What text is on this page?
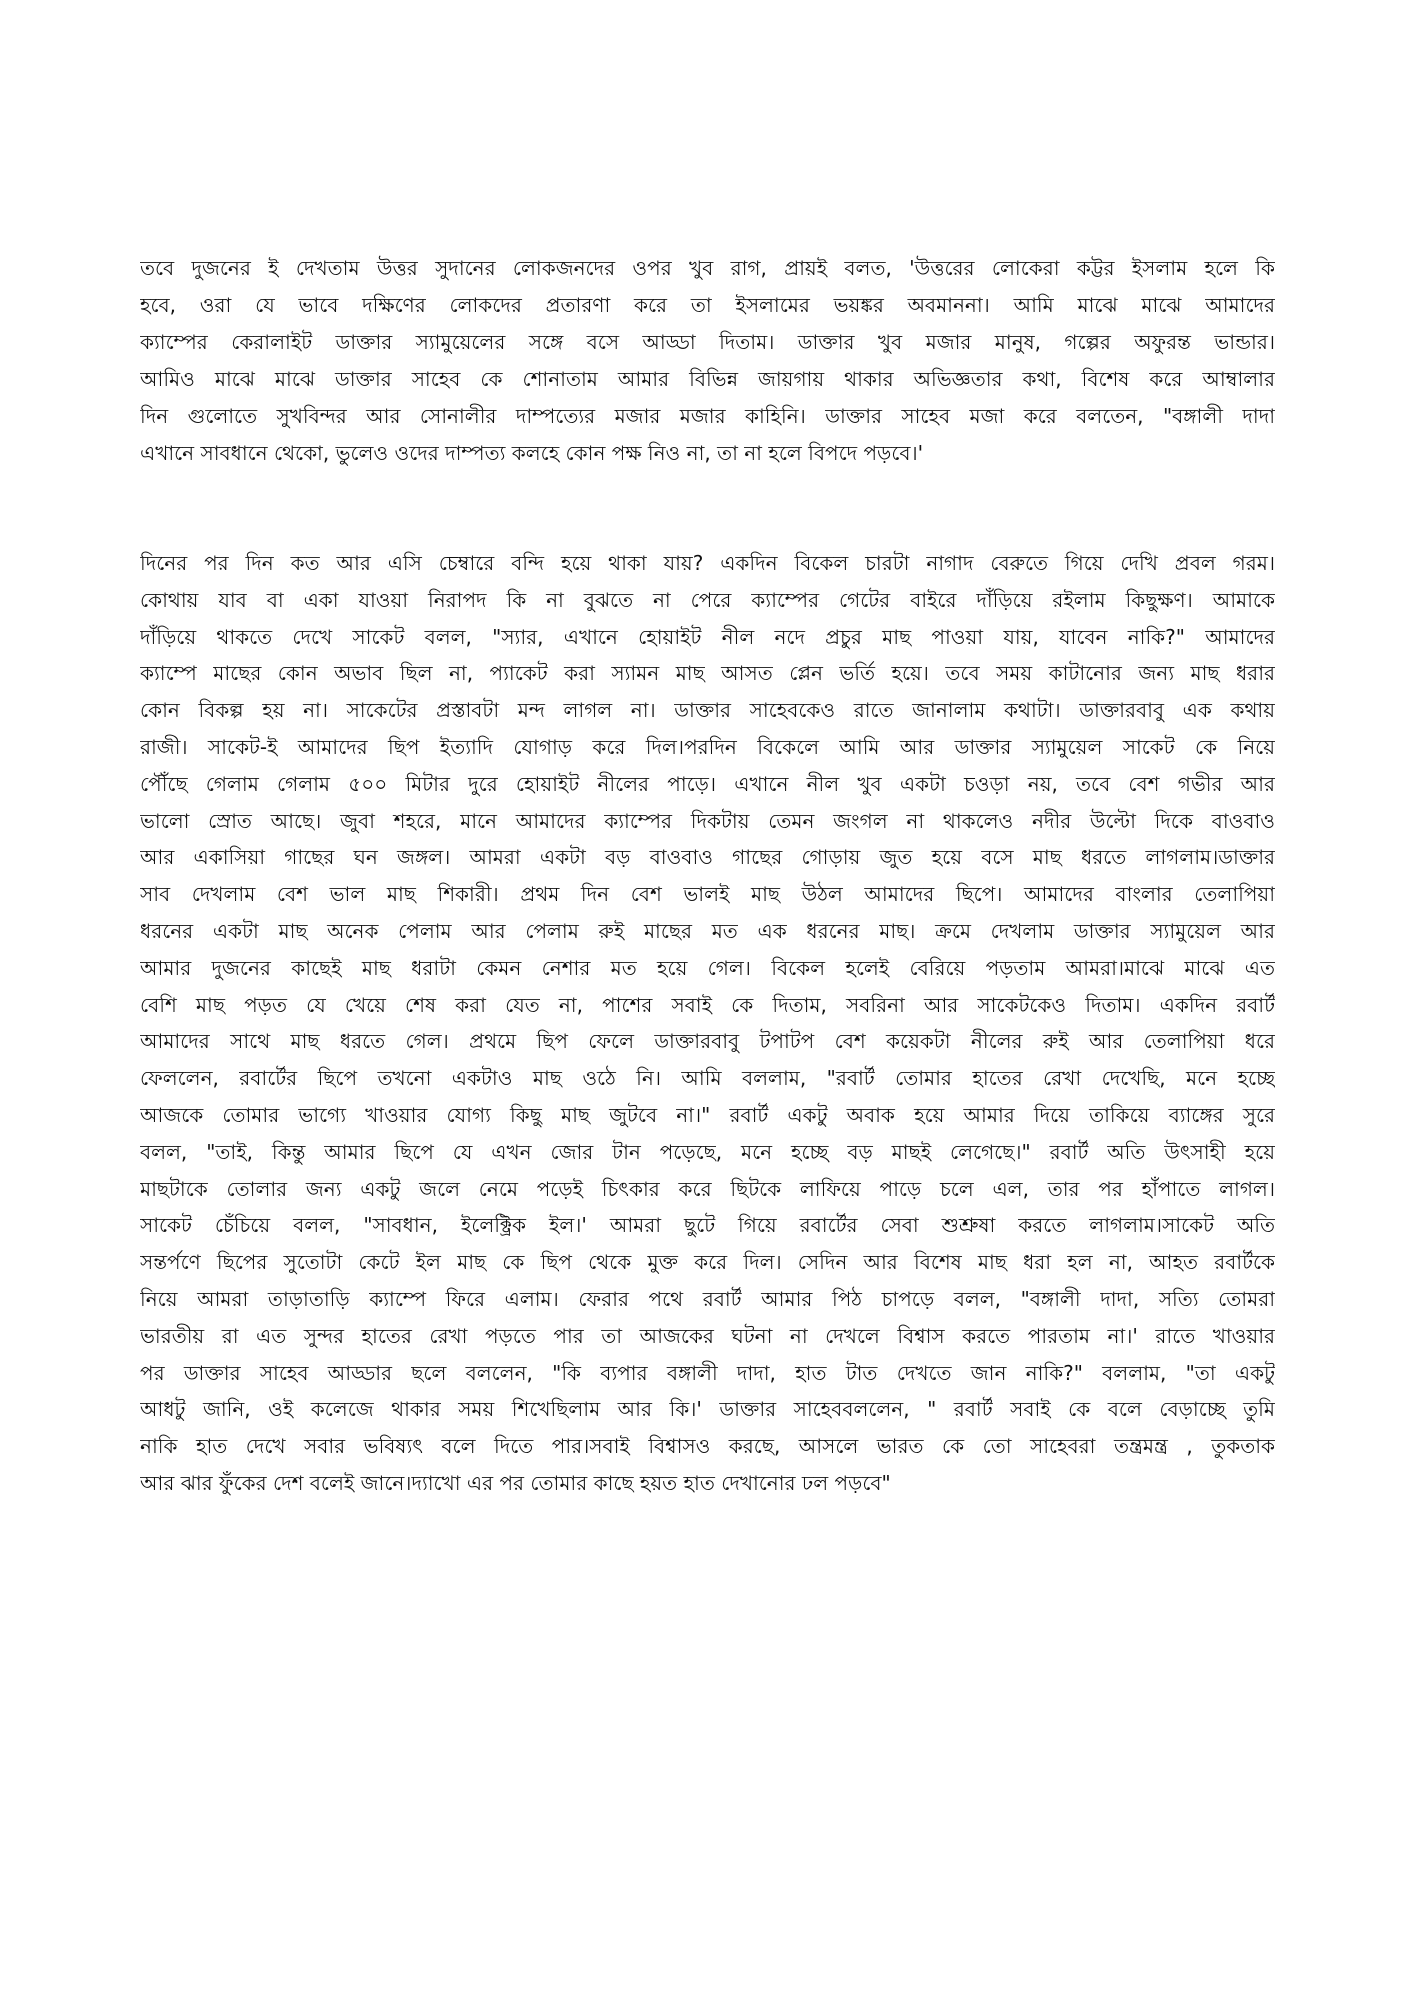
তবে দুজনের ই দেখতাম উত্তর সুদানের লোকজনদের ওপর খুব রাগ, প্রায়ই বলত, 'উত্তরের লোকেরা কট্টর ইসলাম হলে কি
হবে, ওরা যে ভাবে দক্ষিণের লোকদের প্রতারণা করে তা ইসলামের ভয়ঙ্কর অবমাননা। আমি মাঝে মাঝে আমাদের
ক্যাম্পের কেরালাইট ডাক্তার স্যামুয়েলের সঙ্গে বসে আড্ডা দিতাম। ডাক্তার খুব মজার মানুষ, গল্পের অফুরন্ত ভান্ডার।
আমিও মাঝে মাঝে ডাক্তার সাহেব কে শোনাতাম আমার বিভিন্ন জায়গায় থাকার অভিজ্ঞতার কথা, বিশেষ করে আম্বালার
দিন গুলোতে সুখবিন্দর আর সোনালীর দাম্পত্যের মজার মজার কাহিনি। ডাক্তার সাহেব মজা করে বলতেন, "বঙ্গালী দাদা
এখানে সাবধানে থেকো, ভুলেও ওদের দাম্পত্য কলহে কোন পক্ষ নিও না, তা না হলে বিপদে পড়বে।'
দিনের পর দিন কত আর এসি চেম্বারে বন্দি হয়ে থাকা যায়? একদিন বিকেল চারটা নাগাদ বেরুতে গিয়ে দেখি প্রবল গরম।
কোথায় যাব বা একা যাওয়া নিরাপদ কি না বুঝতে না পেরে ক্যাম্পের গেটের বাইরে দাঁড়িয়ে রইলাম কিছুক্ষণ। আমাকে
দাঁড়িয়ে থাকতে দেখে সাকেট বলল, "স্যার, এখানে হোয়াইট নীল নদে প্রচুর মাছ পাওয়া যায়, যাবেন নাকি?" আমাদের
ক্যাম্পে মাছের কোন অভাব ছিল না, প্যাকেট করা স্যামন মাছ আসত প্লেন ভর্তি হয়ে। তবে সময় কাটানোর জন্য মাছ ধরার
কোন বিকল্প হয় না। সাকেটের প্রস্তাবটা মন্দ লাগল না। ডাক্তার সাহেবকেও রাতে জানালাম কথাটা। ডাক্তারবাবু এক কথায়
রাজী। সাকেট-ই আমাদের ছিপ ইত্যাদি যোগাড় করে দিল।পরদিন বিকেলে আমি আর ডাক্তার স্যামুয়েল সাকেট কে নিয়ে
পৌঁছে গেলাম গেলাম ৫০০ মিটার দুরে হোয়াইট নীলের পাড়ে। এখানে নীল খুব একটা চওড়া নয়, তবে বেশ গভীর আর
ভালো স্রোত আছে। জুবা শহরে, মানে আমাদের ক্যাম্পের দিকটায় তেমন জংগল না থাকলেও নদীর উল্টো দিকে বাওবাও
আর একাসিয়া গাছের ঘন জঙ্গল। আমরা একটা বড় বাওবাও গাছের গোড়ায় জুত হয়ে বসে মাছ ধরতে লাগলাম।ডাক্তার
সাব দেখলাম বেশ ভাল মাছ শিকারী। প্রথম দিন বেশ ভালই মাছ উঠল আমাদের ছিপে। আমাদের বাংলার তেলাপিয়া
ধরনের একটা মাছ অনেক পেলাম আর পেলাম রুই মাছের মত এক ধরনের মাছ। ক্রমে দেখলাম ডাক্তার স্যামুয়েল আর
আমার দুজনের কাছেই মাছ ধরাটা কেমন নেশার মত হয়ে গেল। বিকেল হলেই বেরিয়ে পড়তাম আমরা।মাঝে মাঝে এত
বেশি মাছ পড়ত যে খেয়ে শেষ করা যেত না, পাশের সবাই কে দিতাম, সবরিনা আর সাকেটকেও দিতাম। একদিন রবার্ট
আমাদের সাথে মাছ ধরতে গেল। প্রথমে ছিপ ফেলে ডাক্তারবাবু টপাটপ বেশ কয়েকটা নীলের রুই আর তেলাপিয়া ধরে
ফেললেন, রবার্টের ছিপে তখনো একটাও মাছ ওঠে নি। আমি বললাম, "রবার্ট তোমার হাতের রেখা দেখেছি, মনে হচ্ছে
আজকে তোমার ভাগ্যে খাওয়ার যোগ্য কিছু মাছ জুটবে না।" রবার্ট একটু অবাক হয়ে আমার দিয়ে তাকিয়ে ব্যাঙ্গের সুরে
বলল, "তাই, কিন্তু আমার ছিপে যে এখন জোর টান পড়েছে, মনে হচ্ছে বড় মাছই লেগেছে।" রবার্ট অতি উৎসাহী হয়ে
মাছটাকে তোলার জন্য একটু জলে নেমে পড়েই চিৎকার করে ছিটকে লাফিয়ে পাড়ে চলে এল, তার পর হাঁপাতে লাগল।
সাকেট চেঁচিয়ে বলল, "সাবধান, ইলেক্ট্রিক ইল।' আমরা ছুটে গিয়ে রবার্টের সেবা শুশ্রুষা করতে লাগলাম।সাকেট অতি
সন্তর্পণে ছিপের সুতোটা কেটে ইল মাছ কে ছিপ থেকে মুক্ত করে দিল। সেদিন আর বিশেষ মাছ ধরা হল না, আহত রবার্টকে
নিয়ে আমরা তাড়াতাড়ি ক্যাম্পে ফিরে এলাম। ফেরার পথে রবার্ট আমার পিঠ চাপড়ে বলল, "বঙ্গালী দাদা, সত্যি তোমরা
ভারতীয় রা এত সুন্দর হাতের রেখা পড়তে পার তা আজকের ঘটনা না দেখলে বিশ্বাস করতে পারতাম না।' রাতে খাওয়ার
পর ডাক্তার সাহেব আড্ডার ছলে বললেন, "কি ব্যপার বঙ্গালী দাদা, হাত টাত দেখতে জান নাকি?" বললাম, "তা একটু
আধটু জানি, ওই কলেজে থাকার সময় শিখেছিলাম আর কি।' ডাক্তার সাহেববললেন, " রবার্ট সবাই কে বলে বেড়াচ্ছে তুমি
নাকি হাত দেখে সবার ভবিষ্যৎ বলে দিতে পার।সবাই বিশ্বাসও করছে, আসলে ভারত কে তো সাহেবরা তন্ত্রমন্ত্র , তুকতাক
আর ঝার ফুঁকের দেশ বলেই জানে।দ্যাখো এর পর তোমার কাছে হয়ত হাত দেখানোর ঢল পড়বে"
